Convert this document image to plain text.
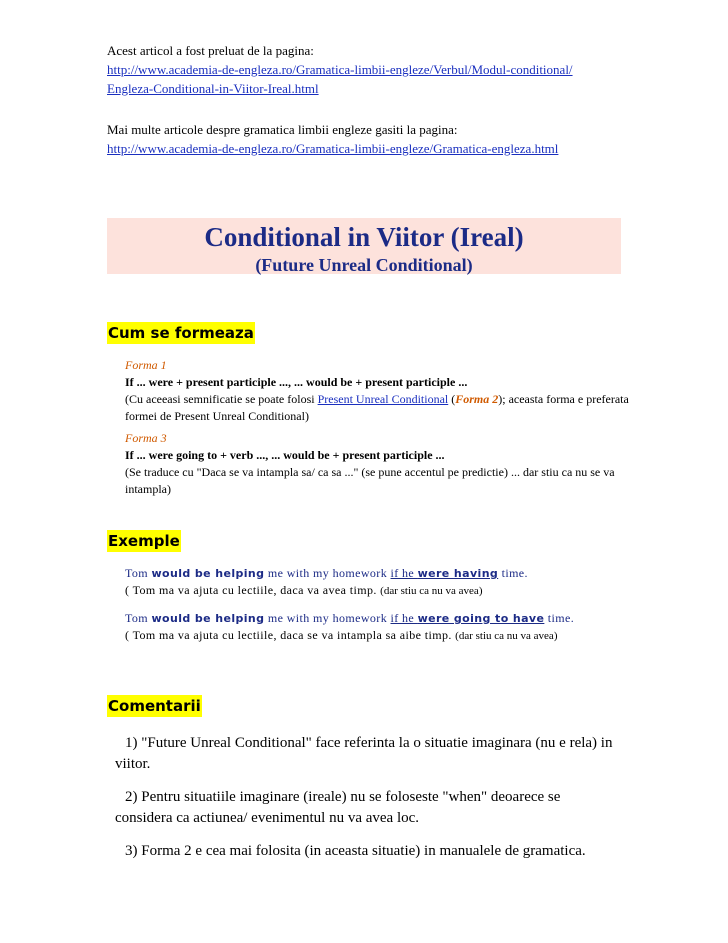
Acest articol a fost preluat de la pagina:
http://www.academia-de-engleza.ro/Gramatica-limbii-engleze/Verbul/Modul-conditional/
Engleza-Conditional-in-Viitor-Ireal.html
Mai multe articole despre gramatica limbii engleze gasiti la pagina:
http://www.academia-de-engleza.ro/Gramatica-limbii-engleze/Gramatica-engleza.html
Conditional in Viitor (Ireal)
(Future Unreal Conditional)
Cum se formeaza
Forma 1
If ... were + present participle ..., ... would be + present participle ...
(Cu aceeasi semnificatie se poate folosi Present Unreal Conditional (Forma 2); aceasta forma e preferata formei de Present Unreal Conditional)
Forma 3
If ... were going to + verb ..., ... would be + present participle ...
(Se traduce cu "Daca se va intampla sa/ ca sa ..." (se pune accentul pe predictie) ... dar stiu ca nu se va intampla)
Exemple
Tom would be helping me with my homework if he were having time.
( Tom ma va ajuta cu lectiile, daca va avea timp. (dar stiu ca nu va avea)
Tom would be helping me with my homework if he were going to have time.
( Tom ma va ajuta cu lectiile, daca se va intampla sa aibe timp. (dar stiu ca nu va avea)
Comentarii

1) "Future Unreal Conditional" face referinta la o situatie imaginara (nu e rela) in viitor.

2) Pentru situatiile imaginare (ireale) nu se foloseste "when" deoarece se considera ca actiunea/ evenimentul nu va avea loc.

3) Forma 2 e cea mai folosita (in aceasta situatie) in manualele de gramatica.
